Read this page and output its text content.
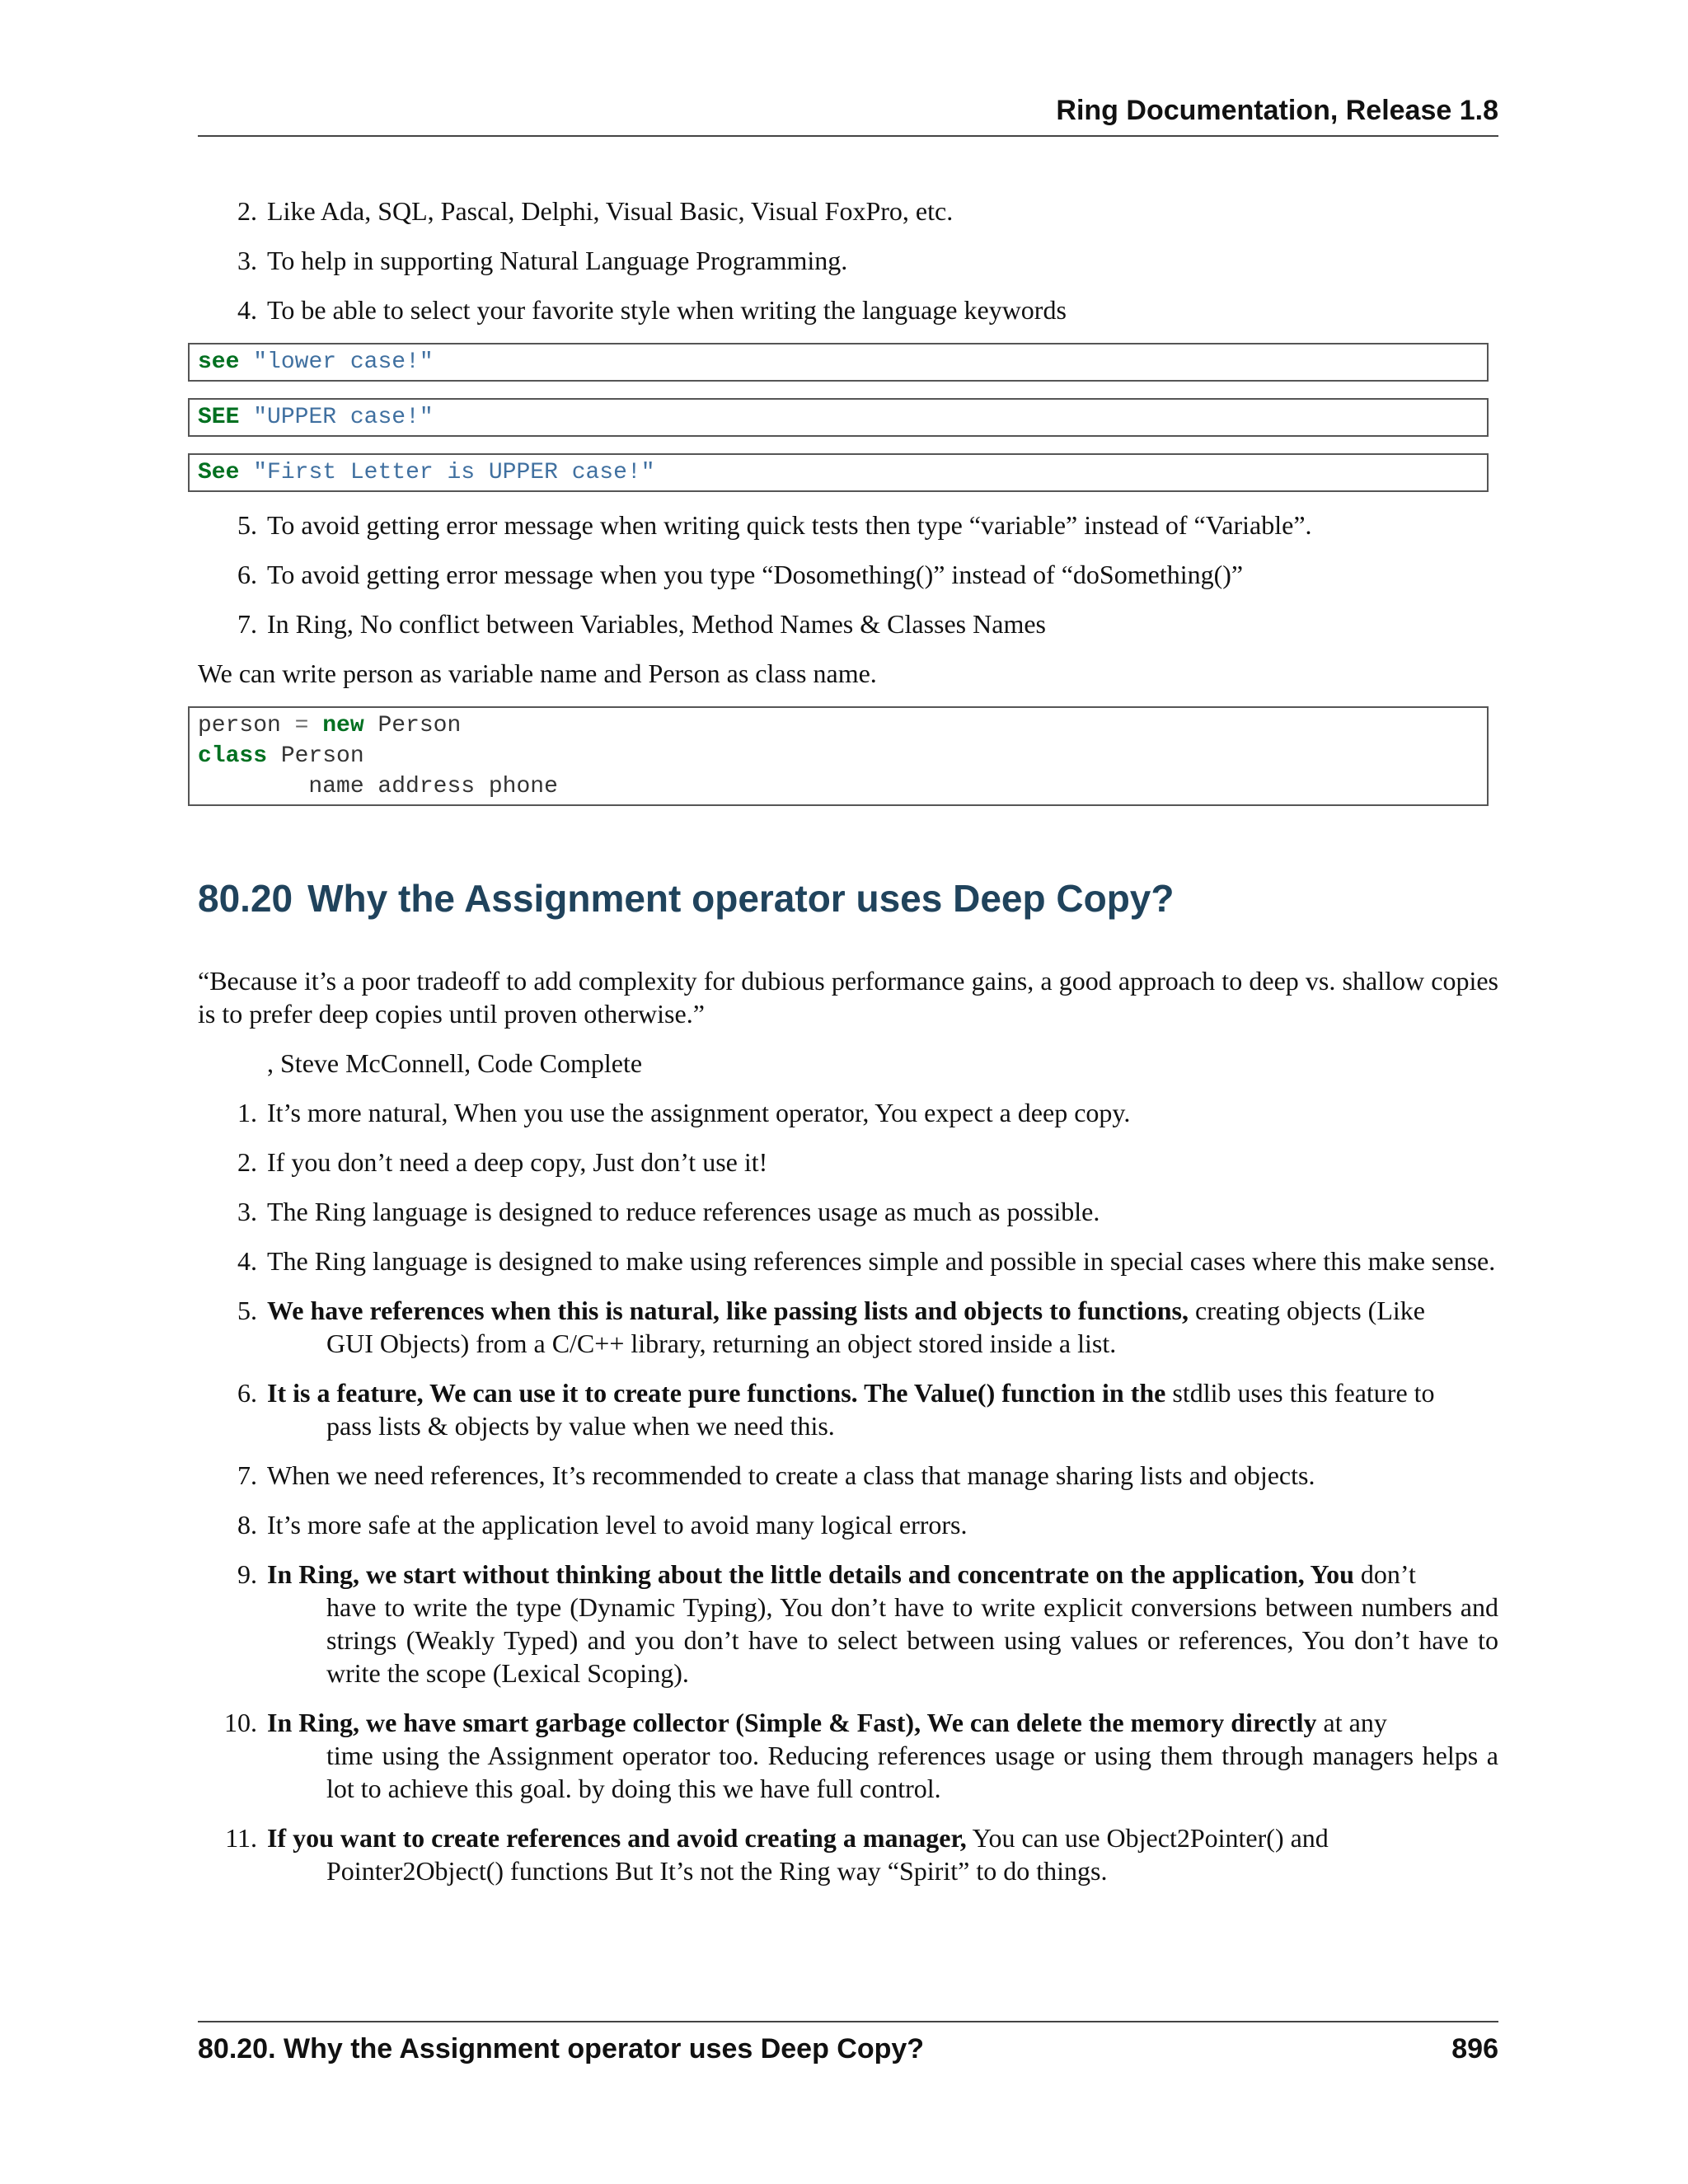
Ring Documentation, Release 1.8
2. Like Ada, SQL, Pascal, Delphi, Visual Basic, Visual FoxPro, etc.
3. To help in supporting Natural Language Programming.
4. To be able to select your favorite style when writing the language keywords
see "lower case!"
SEE "UPPER case!"
See "First Letter is UPPER case!"
5. To avoid getting error message when writing quick tests then type “variable” instead of “Variable”.
6. To avoid getting error message when you type “Dosomething()” instead of “doSomething()”
7. In Ring, No conflict between Variables, Method Names & Classes Names

We can write person as variable name and Person as class name.

person = new Person
class Person
name address phone
80.20 Why the Assignment operator uses Deep Copy?

“Because it’s a poor tradeoff to add complexity for dubious performance gains, a good approach to deep vs. shallow copies is to prefer deep copies until proven otherwise.”

, Steve McConnell, Code Complete
1. It’s more natural, When you use the assignment operator, You expect a deep copy.
2. If you don’t need a deep copy, Just don’t use it!
3. The Ring language is designed to reduce references usage as much as possible.
4. The Ring language is designed to make using references simple and possible in special cases where this make sense.
5. We have references when this is natural, like passing lists and objects to functions, creating objects (Like
GUI Objects) from a C/C++ library, returning an object stored inside a list.
6. It is a feature, We can use it to create pure functions. The Value() function in the stdlib uses this feature to
pass lists & objects by value when we need this.
7. When we need references, It’s recommended to create a class that manage sharing lists and objects.
8. It’s more safe at the application level to avoid many logical errors.
9. In Ring, we start without thinking about the little details and concentrate on the application, You don’t
have to write the type (Dynamic Typing), You don’t have to write explicit conversions between numbers and strings (Weakly Typed) and you don’t have to select between using values or references, You don’t have to write the scope (Lexical Scoping).
10. In Ring, we have smart garbage collector (Simple & Fast), We can delete the memory directly at any
time using the Assignment operator too. Reducing references usage or using them through managers helps a lot to achieve this goal. by doing this we have full control.
11. If you want to create references and avoid creating a manager, You can use Object2Pointer() and
Pointer2Object() functions But It’s not the Ring way “Spirit” to do things.
80.20. Why the Assignment operator uses Deep Copy?	896
